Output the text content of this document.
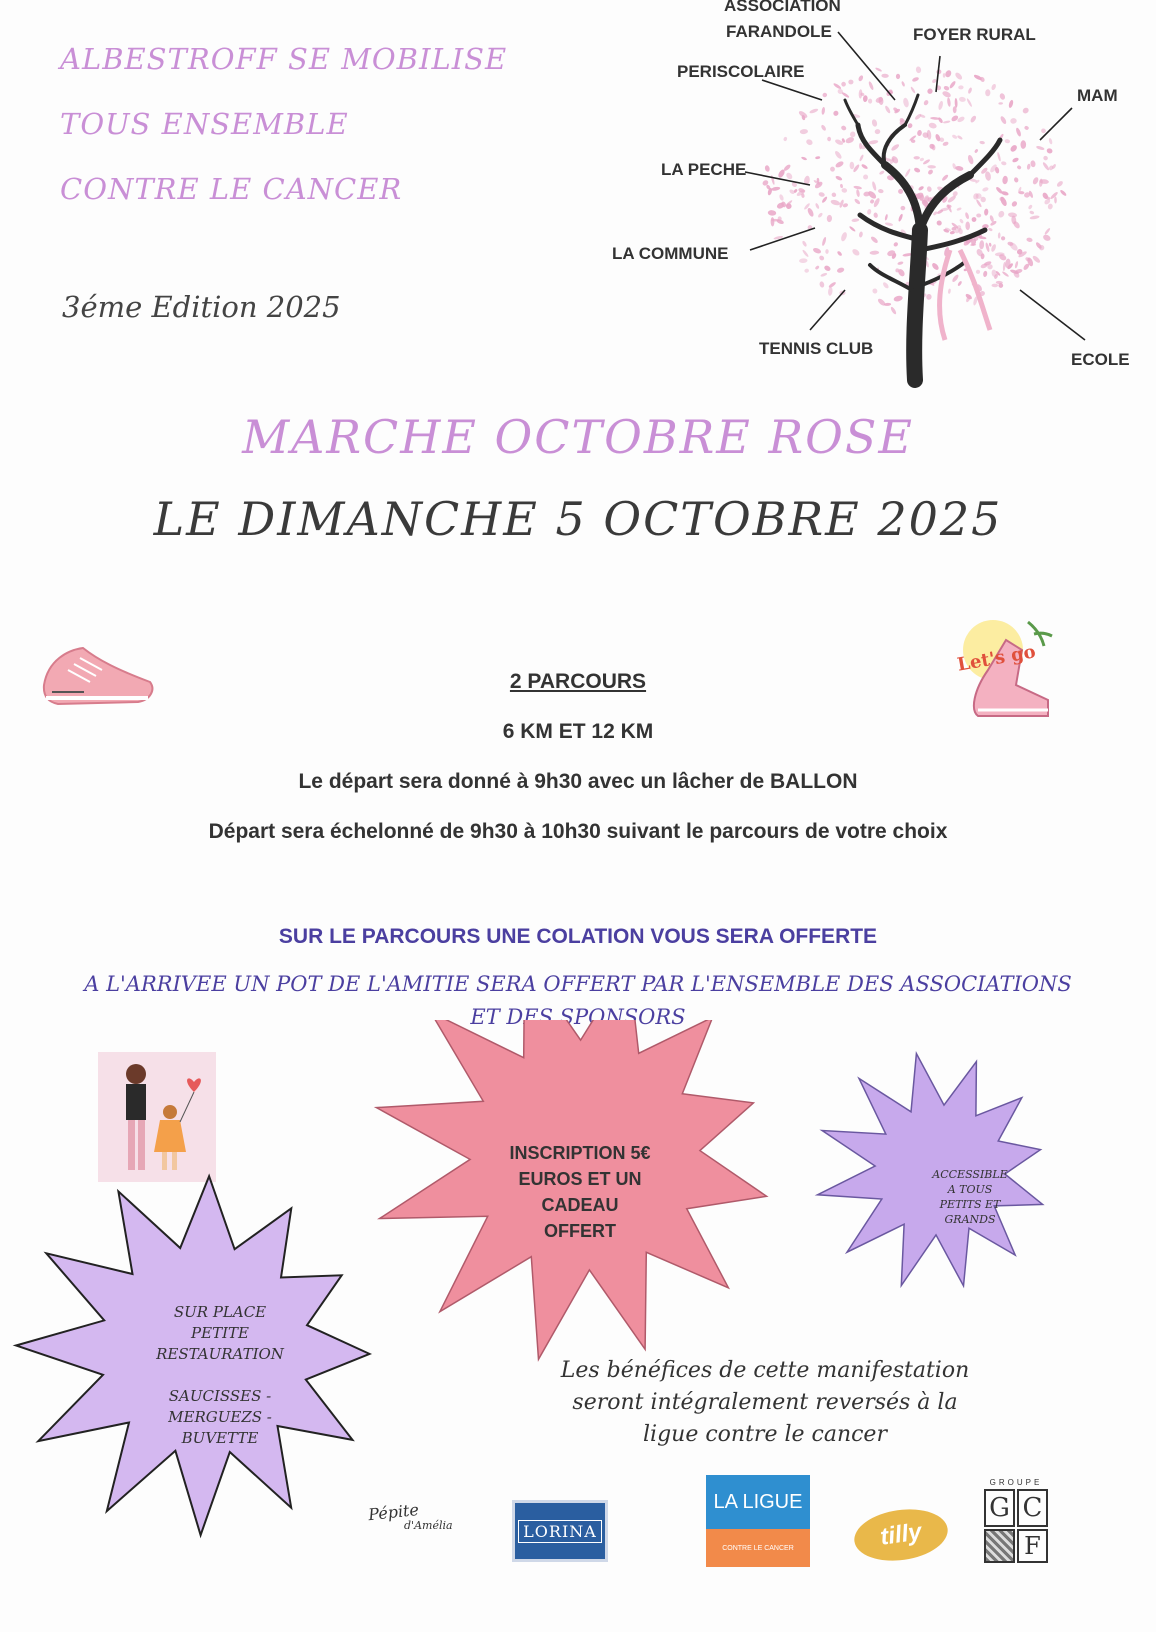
ALBESTROFF SE MOBILISE
TOUS ENSEMBLE
CONTRE LE CANCER
3éme Edition 2025
ASSOCIATION
FARANDOLE	FOYER RURAL
PERISCOLAIRE
MAM
LA PECHE
LA COMMUNE
TENNIS CLUB
ECOLE
MARCHE OCTOBRE ROSE
LE DIMANCHE 5 OCTOBRE 2025
Let's go
2 PARCOURS
6 KM ET 12 KM
Le départ sera donné à 9h30 avec un lâcher de BALLON
Départ sera échelonné de 9h30 à 10h30 suivant le parcours de votre choix
SUR LE PARCOURS UNE COLATION VOUS SERA OFFERTE
A L'ARRIVEE UN POT DE L'AMITIE SERA OFFERT PAR L'ENSEMBLE DES ASSOCIATIONS
ET DES SPONSORS
INSCRIPTION 5€
EUROS ET UN
CADEAU
OFFERT
ACCESSIBLE
A TOUS
PETITS ET
GRANDS
SUR PLACE
PETITE
RESTAURATION

SAUCISSES -
MERGUEZS -
BUVETTE
Les bénéfices de cette manifestation
seront intégralement reversés à la
ligue contre le cancer
Pépite
d'Amélia	LORINA
LA LIGUE
CONTRE LE CANCER	tilly
GROUPE
G C
F
